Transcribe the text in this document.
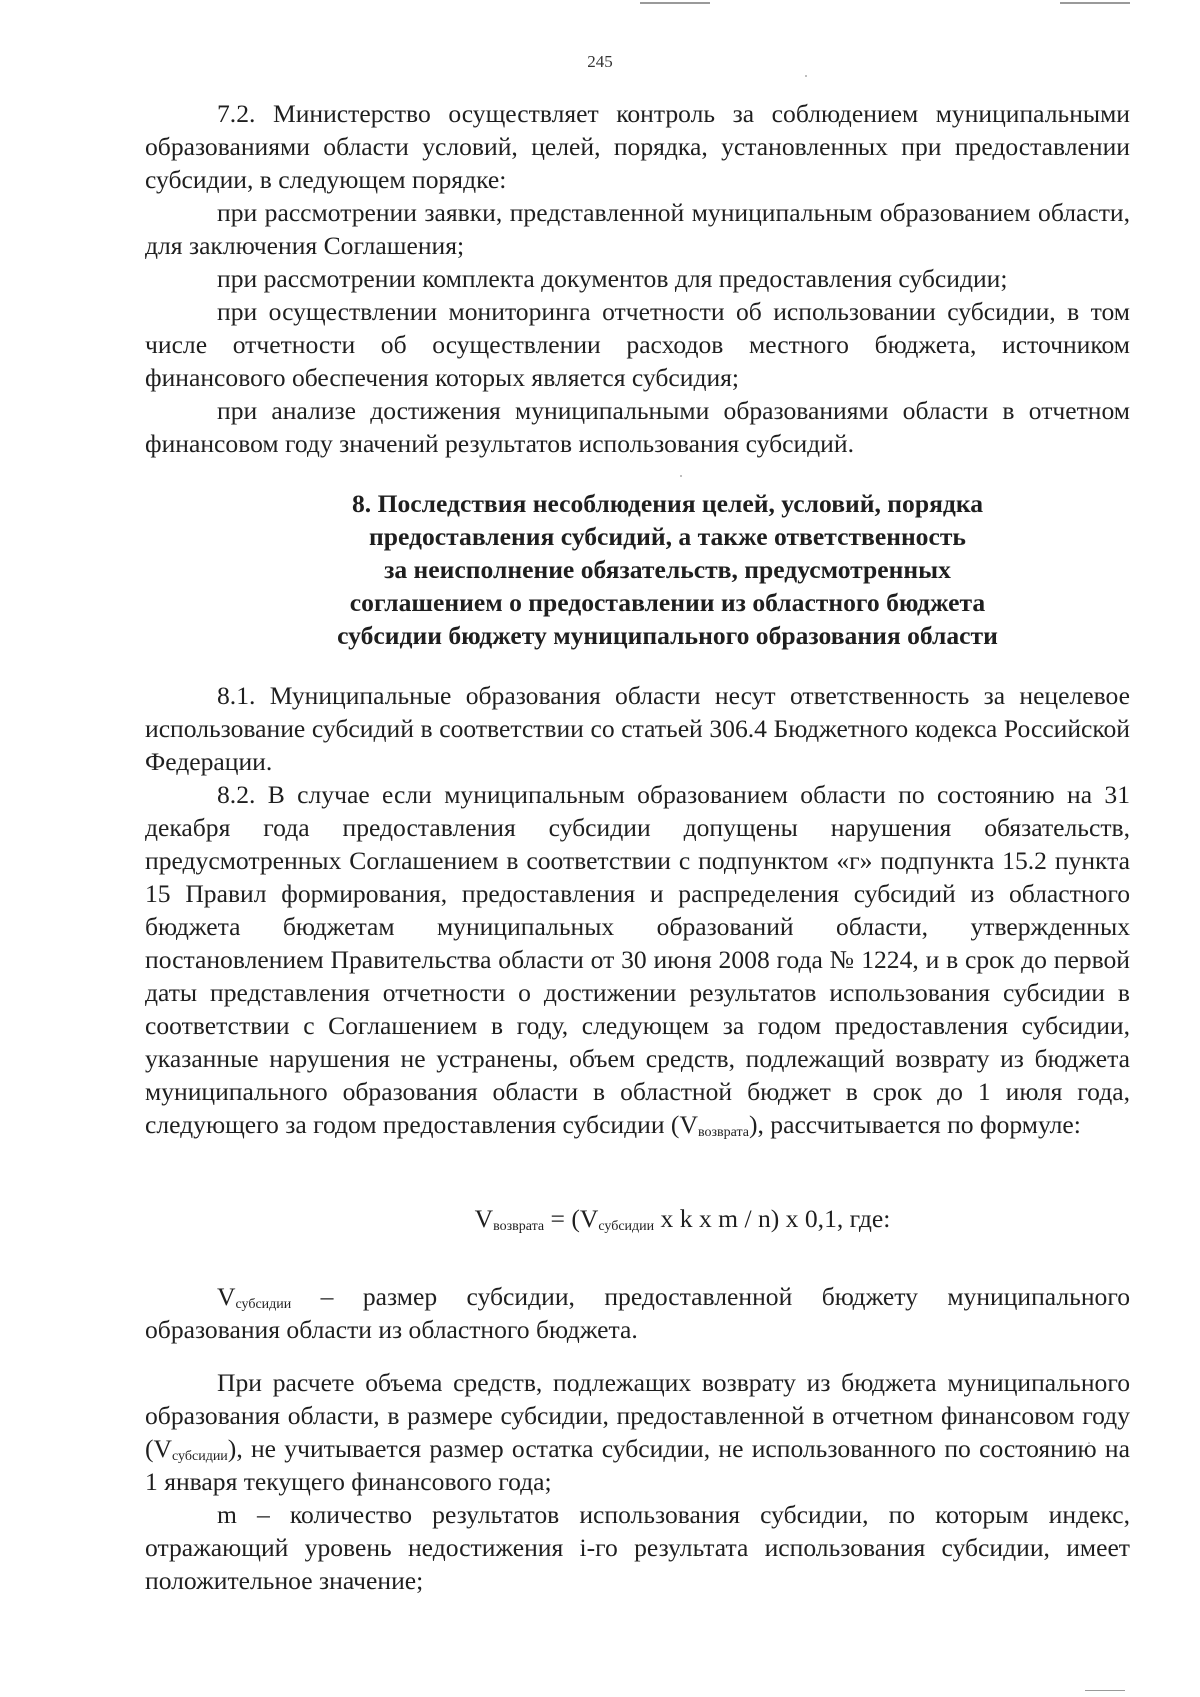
245

7.2. Министерство осуществляет контроль за соблюдением муниципальными образованиями области условий, целей, порядка, установленных при предоставлении субсидии, в следующем порядке:

при рассмотрении заявки, представленной муниципальным образованием области, для заключения Соглашения;

при рассмотрении комплекта документов для предоставления субсидии;

при осуществлении мониторинга отчетности об использовании субсидии, в том числе отчетности об осуществлении расходов местного бюджета, источником финансового обеспечения которых является субсидия;

при анализе достижения муниципальными образованиями области в отчетном финансовом году значений результатов использования субсидий.

8. Последствия несоблюдения целей, условий, порядка

предоставления субсидий, а также ответственность

за неисполнение обязательств, предусмотренных

соглашением о предоставлении из областного бюджета

субсидии бюджету муниципального образования области

8.1. Муниципальные образования области несут ответственность за нецелевое использование субсидий в соответствии со статьей 306.4 Бюджетного кодекса Российской Федерации.

8.2. В случае если муниципальным образованием области по состоянию на 31 декабря года предоставления субсидии допущены нарушения обязательств, предусмотренных Соглашением в соответствии с подпунктом «г» подпункта 15.2 пункта 15 Правил формирования, предоставления и распределения субсидий из областного бюджета бюджетам муниципальных образований области, утвержденных постановлением Правительства области от 30 июня 2008 года № 1224, и в срок до первой даты представления отчетности о достижении результатов использования субсидии в соответствии с Соглашением в году, следующем за годом предоставления субсидии, указанные нарушения не устранены, объем средств, подлежащий возврату из бюджета муниципального образования области в областной бюджет в срок до 1 июля года, следующего за годом предоставления субсидии $(V_{возврата})$, рассчитывается по формуле:

$V_{возврата} = (V_{субсидии}$ x k x m / n) x 0,1, где:

$V_{субсидии}$ – размер субсидии, предоставленной бюджету муниципального образования области из областного бюджета.

При расчете объема средств, подлежащих возврату из бюджета муниципального образования области, в размере субсидии, предоставленной в отчетном финансовом году $(V_{субсидии})$, не учитывается размер остатка субсидии, не использованного по состоянию на 1 января текущего финансового года;

m – количество результатов использования субсидии, по которым индекс, отражающий уровень недостижения i-го результата использования субсидии, имеет положительное значение;
